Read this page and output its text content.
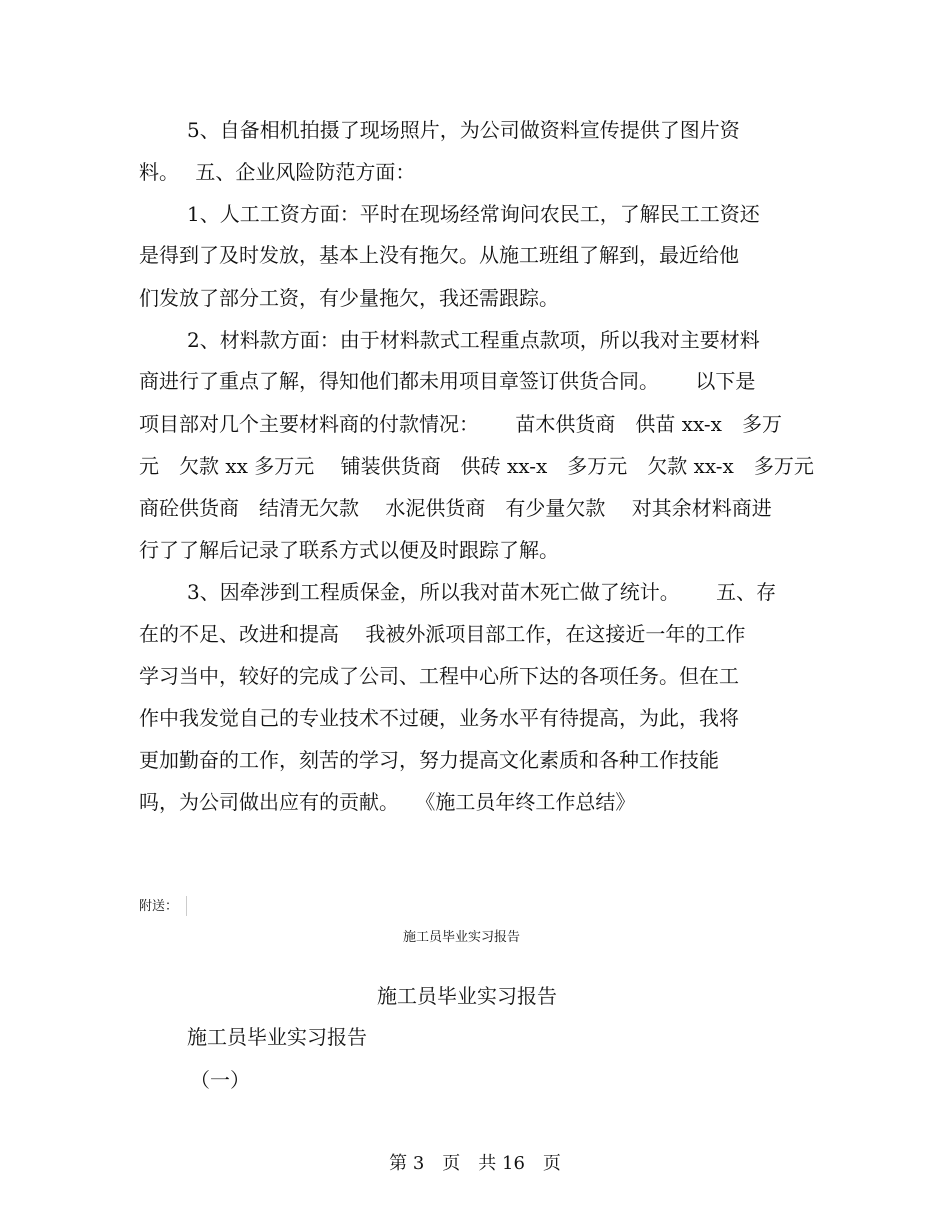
5、自备相机拍摄了现场照片，为公司做资料宣传提供了图片资
料。　 五、企业风险防范方面：
1、人工工资方面：平时在现场经常询问农民工，了解民工工资还
是得到了及时发放，基本上没有拖欠。从施工班组了解到，最近给他
们发放了部分工资，有少量拖欠，我还需跟踪。
2、材料款方面：由于材料款式工程重点款项，所以我对主要材料
商进行了重点了解，得知他们都未用项目章签订供货合同。　　 以下是
项目部对几个主要材料商的付款情况：　　 苗木供货商　供苗 xx-x　多万
元　欠款 xx 多万元　 铺装供货商　供砖 xx-x　多万元　欠款 xx-x　多万元
商砼供货商　结清无欠款　 水泥供货商　有少量欠款　 对其余材料商进
行了了解后记录了联系方式以便及时跟踪了解。
3、因牵涉到工程质保金，所以我对苗木死亡做了统计。　　 五、存
在的不足、改进和提高　 我被外派项目部工作，在这接近一年的工作
学习当中，较好的完成了公司、工程中心所下达的各项任务。但在工
作中我发觉自己的专业技术不过硬，业务水平有待提高，为此，我将
更加勤奋的工作，刻苦的学习，努力提高文化素质和各种工作技能
吗，为公司做出应有的贡献。　 《施工员年终工作总结》
附送：
施工员毕业实习报告
施工员毕业实习报告
施工员毕业实习报告
（一）
第 3　页　共 16　页
